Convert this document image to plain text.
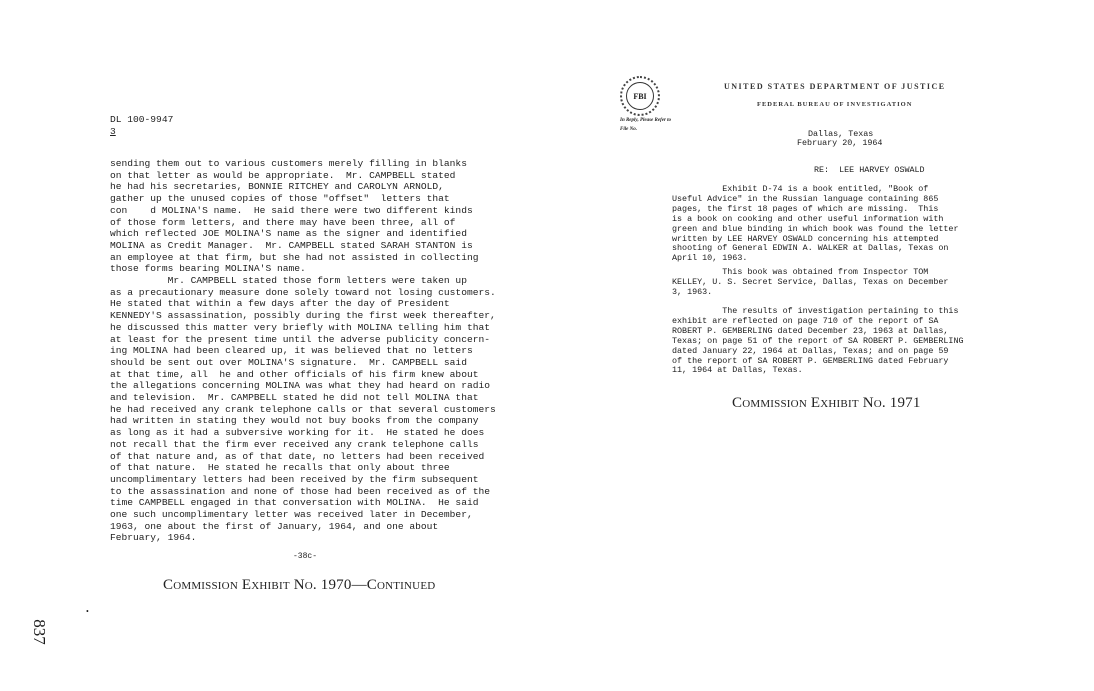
DL 100-9947
3
sending them out to various customers merely filling in blanks
on that letter as would be appropriate.  Mr. CAMPBELL stated
he had his secretaries, BONNIE RITCHEY and CAROLYN ARNOLD,
gather up the unused copies of those "offset"  letters that
con    d MOLINA'S name.  He said there were two different kinds
of those form letters, and there may have been three, all of
which reflected JOE MOLINA'S name as the signer and identified
MOLINA as Credit Manager.  Mr. CAMPBELL stated SARAH STANTON is
an employee at that firm, but she had not assisted in collecting
those forms bearing MOLINA'S name.
Mr. CAMPBELL stated those form letters were taken up
as a precautionary measure done solely toward not losing customers.
He stated that within a few days after the day of President
KENNEDY'S assassination, possibly during the first week thereafter,
he discussed this matter very briefly with MOLINA telling him that
at least for the present time until the adverse publicity concern-
ing MOLINA had been cleared up, it was believed that no letters
should be sent out over MOLINA'S signature.  Mr. CAMPBELL said
at that time, all  he and other officials of his firm knew about
the allegations concerning MOLINA was what they had heard on radio
and television.  Mr. CAMPBELL stated he did not tell MOLINA that
he had received any crank telephone calls or that several customers
had written in stating they would not buy books from the company
as long as it had a subversive working for it.  He stated he does
not recall that the firm ever received any crank telephone calls
of that nature and, as of that date, no letters had been received
of that nature.  He stated he recalls that only about three
uncomplimentary letters had been received by the firm subsequent
to the assassination and none of those had been received as of the
time CAMPBELL engaged in that conversation with MOLINA.  He said
one such uncomplimentary letter was received later in December,
1963, one about the first of January, 1964, and one about
February, 1964.
-38c-
Commission Exhibit No. 1970—Continued
•
837
FBI
UNITED STATES DEPARTMENT OF JUSTICE
FEDERAL BUREAU OF INVESTIGATION
In Reply, Please Refer to
File No.	Dallas, Texas
February 20, 1964
RE:  LEE HARVEY OSWALD
Exhibit D-74 is a book entitled, "Book of
Useful Advice" in the Russian language containing 865
pages, the first 18 pages of which are missing.  This
is a book on cooking and other useful information with
green and blue binding in which book was found the letter
written by LEE HARVEY OSWALD concerning his attempted
shooting of General EDWIN A. WALKER at Dallas, Texas on
April 10, 1963.
This book was obtained from Inspector TOM
KELLEY, U. S. Secret Service, Dallas, Texas on December
3, 1963.
The results of investigation pertaining to this
exhibit are reflected on page 710 of the report of SA
ROBERT P. GEMBERLING dated December 23, 1963 at Dallas,
Texas; on page 51 of the report of SA ROBERT P. GEMBERLING
dated January 22, 1964 at Dallas, Texas; and on page 59
of the report of SA ROBERT P. GEMBERLING dated February
11, 1964 at Dallas, Texas.
Commission Exhibit No. 1971
